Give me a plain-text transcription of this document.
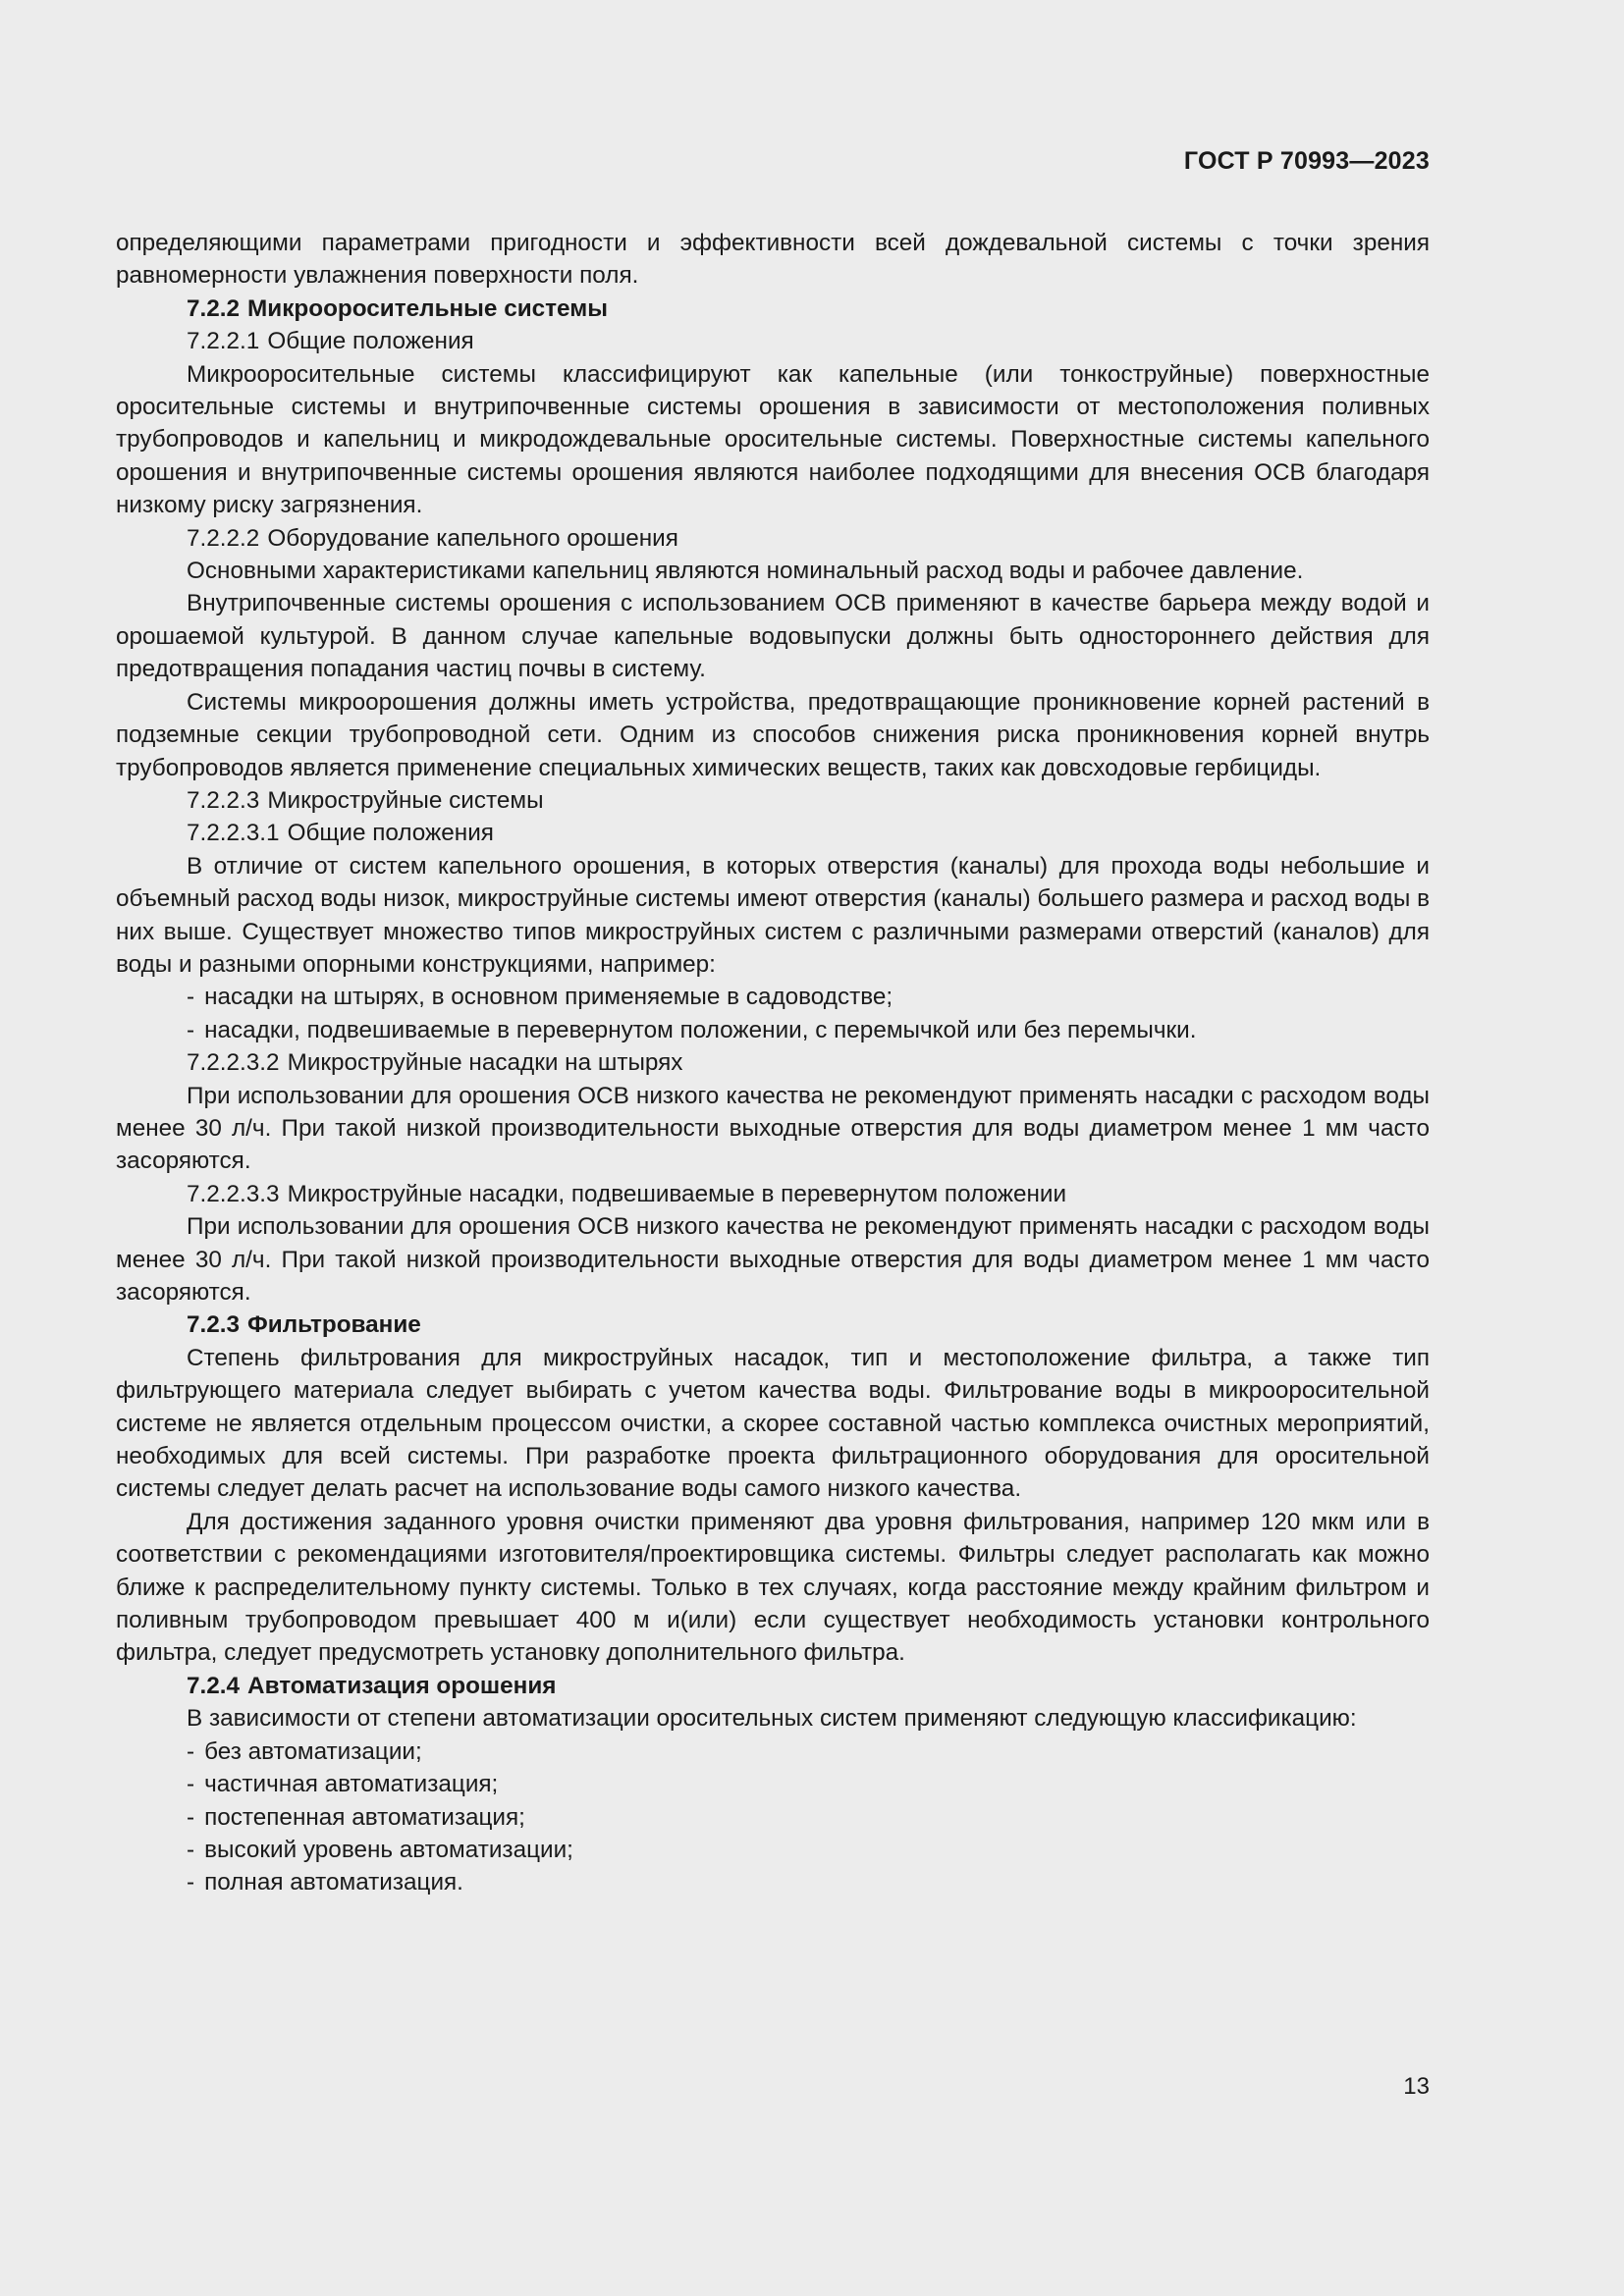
ГОСТ Р 70993—2023

определяющими параметрами пригодности и эффективности всей дождевальной системы с точки зрения равномерности увлажнения поверхности поля.

7.2.2 Микрооросительные системы

7.2.2.1 Общие положения

Микрооросительные системы классифицируют как капельные (или тонкоструйные) поверхностные оросительные системы и внутрипочвенные системы орошения в зависимости от местоположения поливных трубопроводов и капельниц и микродождевальные оросительные системы. Поверхностные системы капельного орошения и внутрипочвенные системы орошения являются наиболее подходящими для внесения ОСВ благодаря низкому риску загрязнения.

7.2.2.2 Оборудование капельного орошения

Основными характеристиками капельниц являются номинальный расход воды и рабочее давление.

Внутрипочвенные системы орошения с использованием ОСВ применяют в качестве барьера между водой и орошаемой культурой. В данном случае капельные водовыпуски должны быть одностороннего действия для предотвращения попадания частиц почвы в систему.

Системы микроорошения должны иметь устройства, предотвращающие проникновение корней растений в подземные секции трубопроводной сети. Одним из способов снижения риска проникновения корней внутрь трубопроводов является применение специальных химических веществ, таких как довсходовые гербициды.

7.2.2.3 Микроструйные системы

7.2.2.3.1 Общие положения

В отличие от систем капельного орошения, в которых отверстия (каналы) для прохода воды небольшие и объемный расход воды низок, микроструйные системы имеют отверстия (каналы) большего размера и расход воды в них выше. Существует множество типов микроструйных систем с различными размерами отверстий (каналов) для воды и разными опорными конструкциями, например:

- насадки на штырях, в основном применяемые в садоводстве;
- насадки, подвешиваемые в перевернутом положении, с перемычкой или без перемычки.

7.2.2.3.2 Микроструйные насадки на штырях

При использовании для орошения ОСВ низкого качества не рекомендуют применять насадки с расходом воды менее 30 л/ч. При такой низкой производительности выходные отверстия для воды диаметром менее 1 мм часто засоряются.

7.2.2.3.3 Микроструйные насадки, подвешиваемые в перевернутом положении

При использовании для орошения ОСВ низкого качества не рекомендуют применять насадки с расходом воды менее 30 л/ч. При такой низкой производительности выходные отверстия для воды диаметром менее 1 мм часто засоряются.

7.2.3 Фильтрование

Степень фильтрования для микроструйных насадок, тип и местоположение фильтра, а также тип фильтрующего материала следует выбирать с учетом качества воды. Фильтрование воды в микрооросительной системе не является отдельным процессом очистки, а скорее составной частью комплекса очистных мероприятий, необходимых для всей системы. При разработке проекта фильтрационного оборудования для оросительной системы следует делать расчет на использование воды самого низкого качества.

Для достижения заданного уровня очистки применяют два уровня фильтрования, например 120 мкм или в соответствии с рекомендациями изготовителя/проектировщика системы. Фильтры следует располагать как можно ближе к распределительному пункту системы. Только в тех случаях, когда расстояние между крайним фильтром и поливным трубопроводом превышает 400 м и(или) если существует необходимость установки контрольного фильтра, следует предусмотреть установку дополнительного фильтра.

7.2.4 Автоматизация орошения

В зависимости от степени автоматизации оросительных систем применяют следующую классификацию:

- без автоматизации;
- частичная автоматизация;
- постепенная автоматизация;
- высокий уровень автоматизации;
- полная автоматизация.
13
